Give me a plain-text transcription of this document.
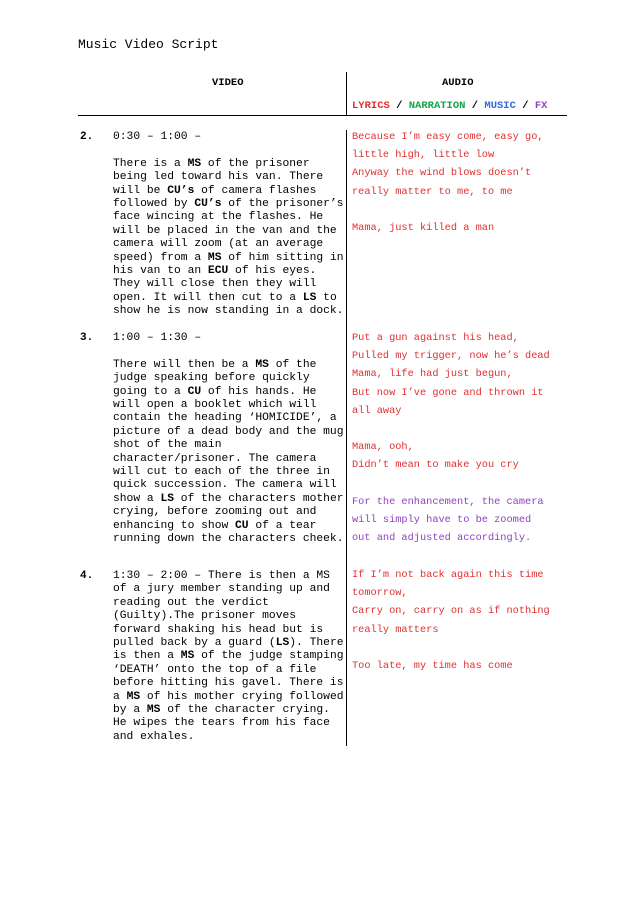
Music Video Script
VIDEO	AUDIO
LYRICS / NARRATION / MUSIC / FX
2. 0:30 – 1:00 –

There is a MS of the prisoner being led toward his van. There will be CU’s of camera flashes followed by CU’s of the prisoner’s face wincing at the flashes. He will be placed in the van and the camera will zoom (at an average speed) from a MS of him sitting in his van to an ECU of his eyes. They will close then they will open. It will then cut to a LS to show he is now standing in a dock.

Because I’m easy come, easy go,
little high, little low
Anyway the wind blows doesn’t
really matter to me, to me
Mama, just killed a man
3. 1:00 – 1:30 –

There will then be a MS of the judge speaking before quickly going to a CU of his hands. He will open a booklet which will contain the heading ‘HOMICIDE’, a picture of a dead body and the mug shot of the main character/prisoner. The camera will cut to each of the three in quick succession. The camera will show a LS of the characters mother crying, before zooming out and enhancing to show CU of a tear running down the characters cheek.

Put a gun against his head,
Pulled my trigger, now he’s dead
Mama, life had just begun,
But now I’ve gone and thrown it
all away
Mama, ooh,
Didn’t mean to make you cry
For the enhancement, the camera
will simply have to be zoomed
out and adjusted accordingly.
4. 1:30 – 2:00 – There is then a MS of a jury member standing up and reading out the verdict (Guilty).The prisoner moves forward shaking his head but is pulled back by a guard (LS). There is then a MS of the judge stamping ‘DEATH’ onto the top of a file before hitting his gavel. There is a MS of his mother crying followed by a MS of the character crying. He wipes the tears from his face and exhales.

If I’m not back again this time
tomorrow,
Carry on, carry on as if nothing
really matters
Too late, my time has come
